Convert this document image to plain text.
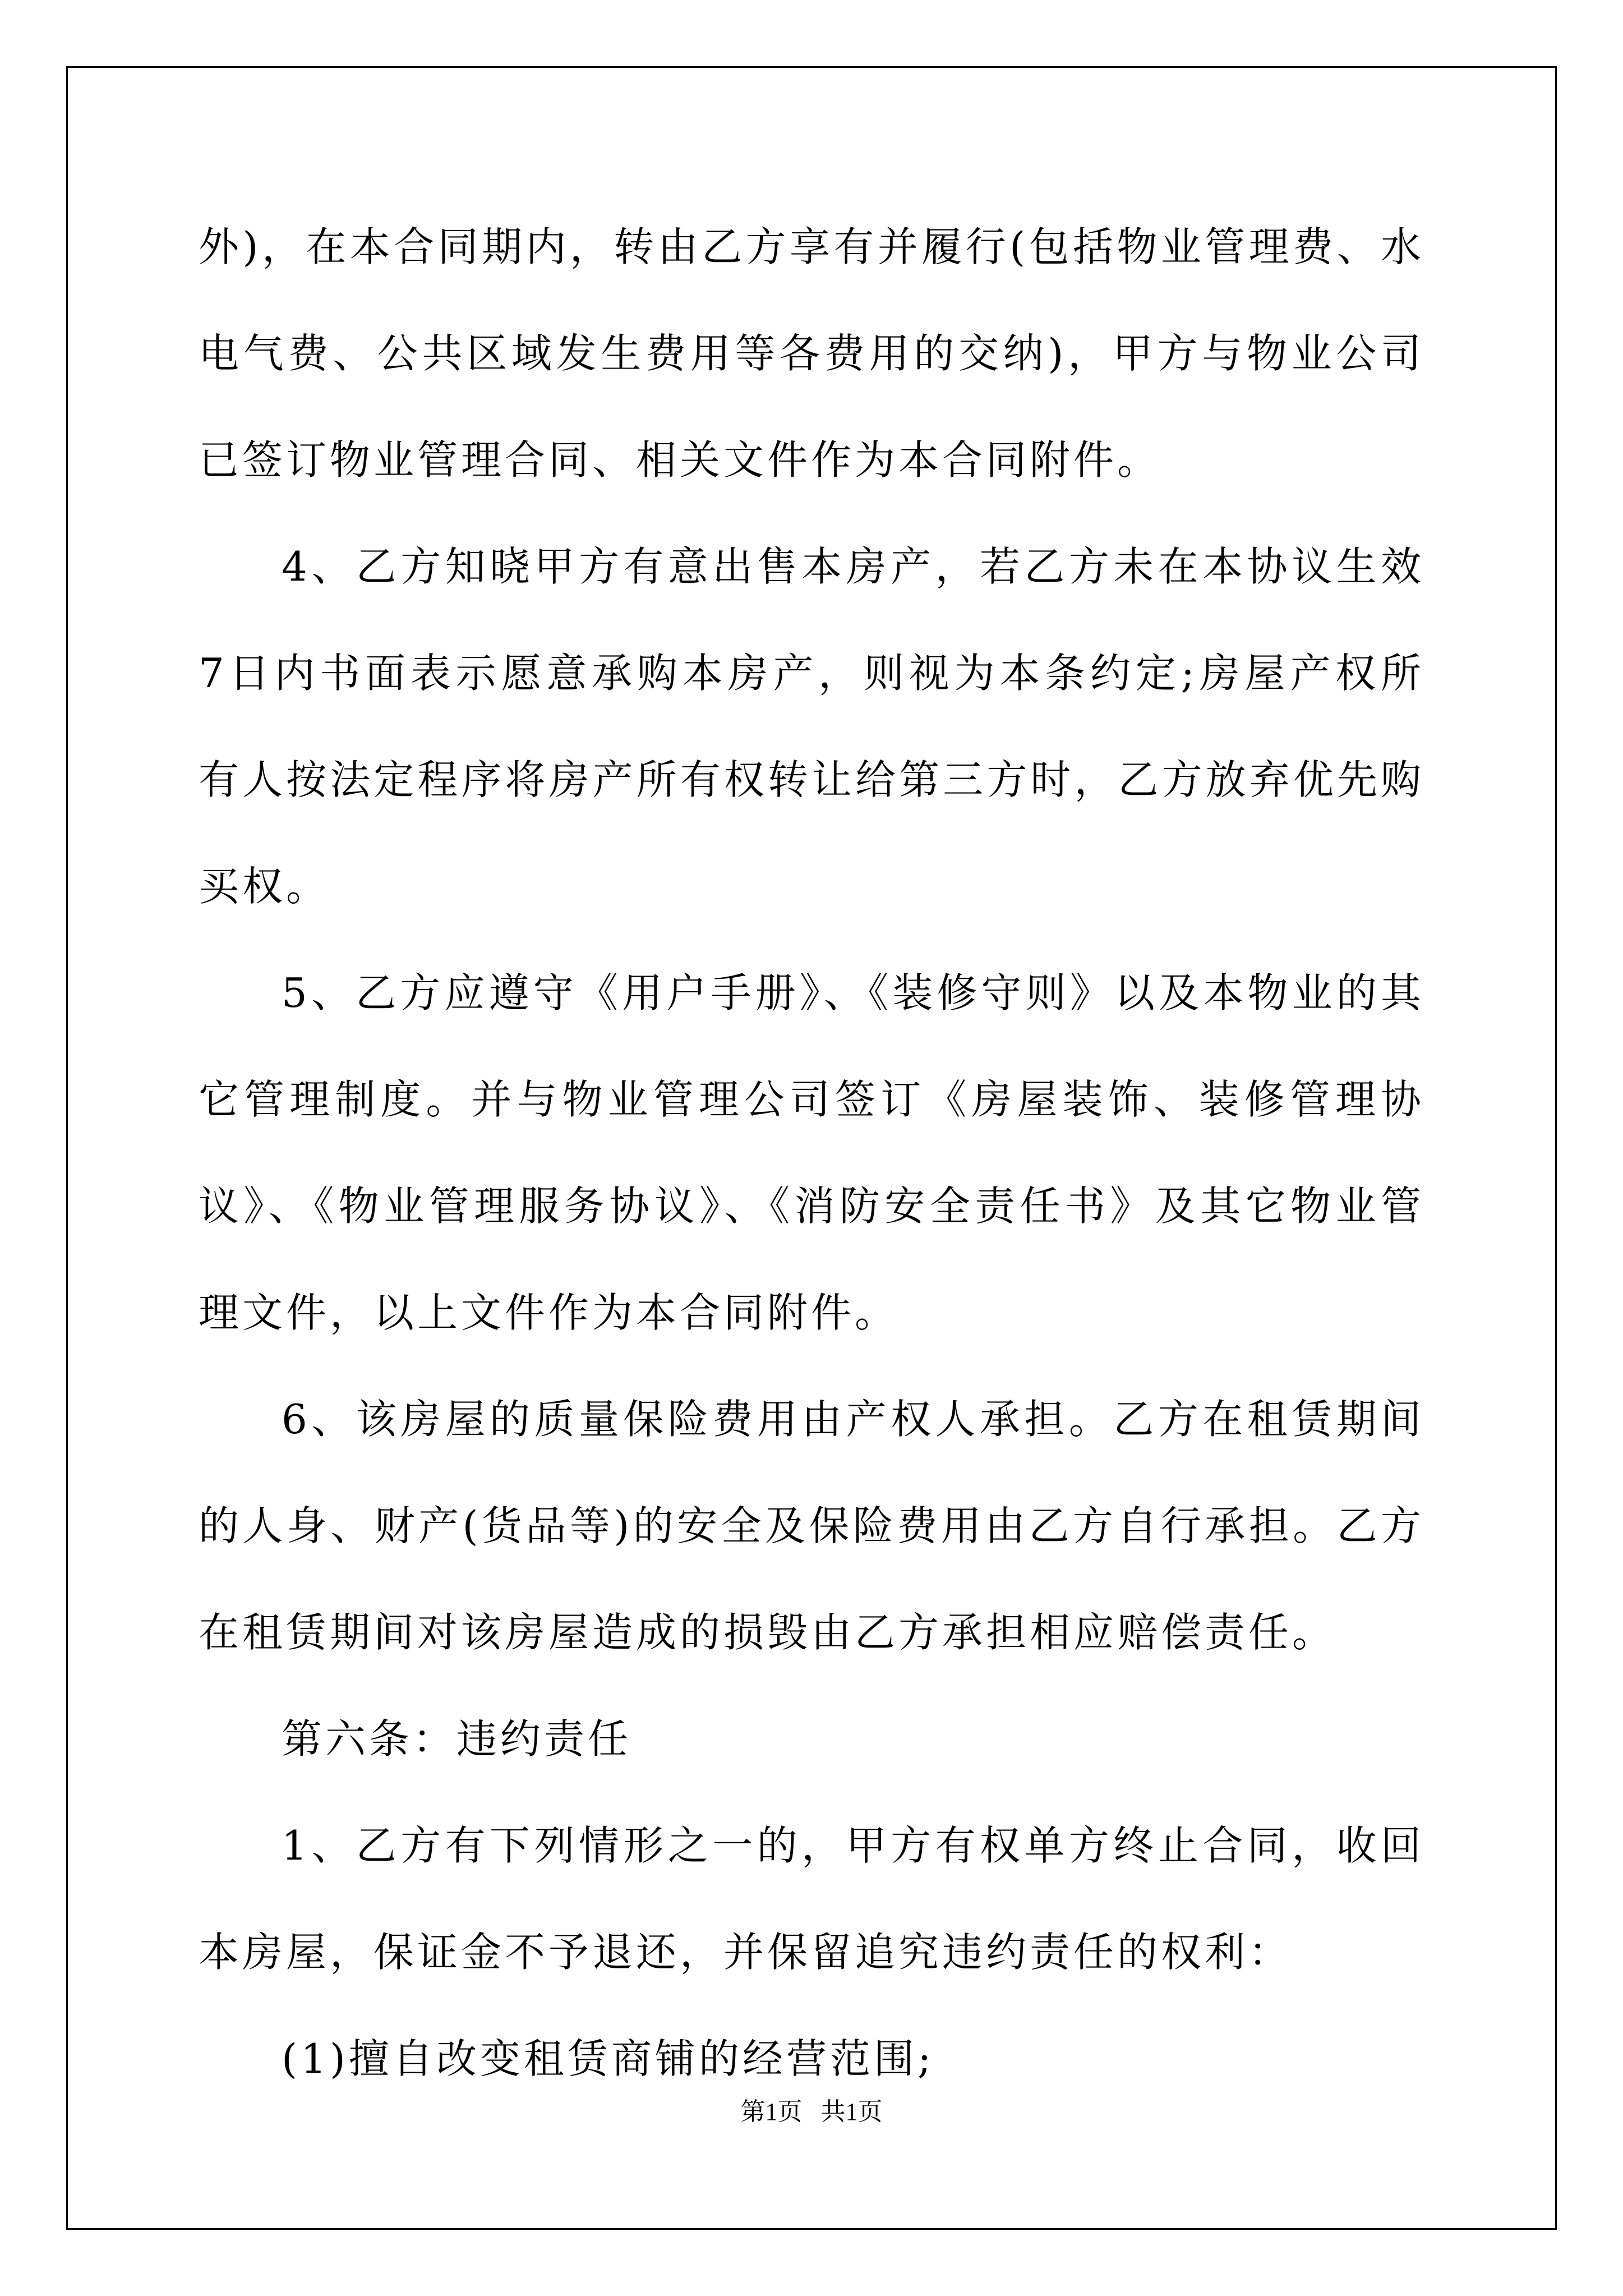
外)，在本合同期内，转由乙方享有并履行(包括物业管理费、水电气费、公共区域发生费用等各费用的交纳)，甲方与物业公司已签订物业管理合同、相关文件作为本合同附件。

4、乙方知晓甲方有意出售本房产，若乙方未在本协议生效7日内书面表示愿意承购本房产，则视为本条约定;房屋产权所有人按法定程序将房产所有权转让给第三方时，乙方放弃优先购买权。

5、乙方应遵守《用户手册》、《装修守则》以及本物业的其它管理制度。并与物业管理公司签订《房屋装饰、装修管理协议》、《物业管理服务协议》、《消防安全责任书》及其它物业管理文件，以上文件作为本合同附件。

6、该房屋的质量保险费用由产权人承担。乙方在租赁期间的人身、财产(货品等)的安全及保险费用由乙方自行承担。乙方在租赁期间对该房屋造成的损毁由乙方承担相应赔偿责任。

第六条：违约责任

1、乙方有下列情形之一的，甲方有权单方终止合同，收回本房屋，保证金不予退还，并保留追究违约责任的权利：

(1)擅自改变租赁商铺的经营范围;

第1页 共1页
